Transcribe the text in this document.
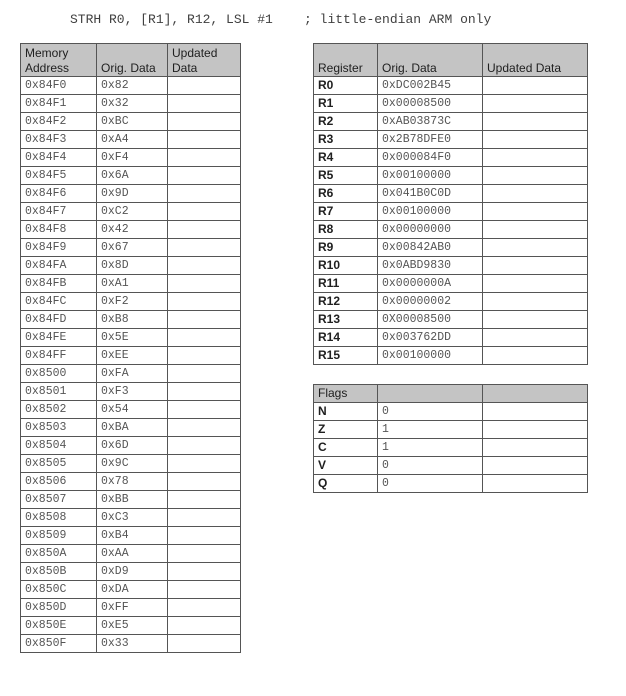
STRH R0, [R1], R12, LSL #1    ; little-endian ARM only
Memory Address	Orig. Data	Updated Data
0x84F0	0x82	
0x84F1	0x32	
0x84F2	0xBC	
0x84F3	0xA4	
0x84F4	0xF4	
0x84F5	0x6A	
0x84F6	0x9D	
0x84F7	0xC2	
0x84F8	0x42	
0x84F9	0x67	
0x84FA	0x8D	
0x84FB	0xA1	
0x84FC	0xF2	
0x84FD	0xB8	
0x84FE	0x5E	
0x84FF	0xEE	
0x8500	0xFA	
0x8501	0xF3	
0x8502	0x54	
0x8503	0xBA	
0x8504	0x6D	
0x8505	0x9C	
0x8506	0x78	
0x8507	0xBB	
0x8508	0xC3	
0x8509	0xB4	
0x850A	0xAA	
0x850B	0xD9	
0x850C	0xDA	
0x850D	0xFF	
0x850E	0xE5	
0x850F	0x33	
Register	Orig. Data	Updated Data
R0	0xDC002B45	
R1	0x00008500	
R2	0xAB03873C	
R3	0x2B78DFE0	
R4	0x000084F0	
R5	0x00100000	
R6	0x041B0C0D	
R7	0x00100000	
R8	0x00000000	
R9	0x00842AB0	
R10	0x0ABD9830	
R11	0x0000000A	
R12	0x00000002	
R13	0X00008500	
R14	0x003762DD	
R15	0x00100000	
Flags		
N	0	
Z	1	
C	1	
V	0	
Q	0	
